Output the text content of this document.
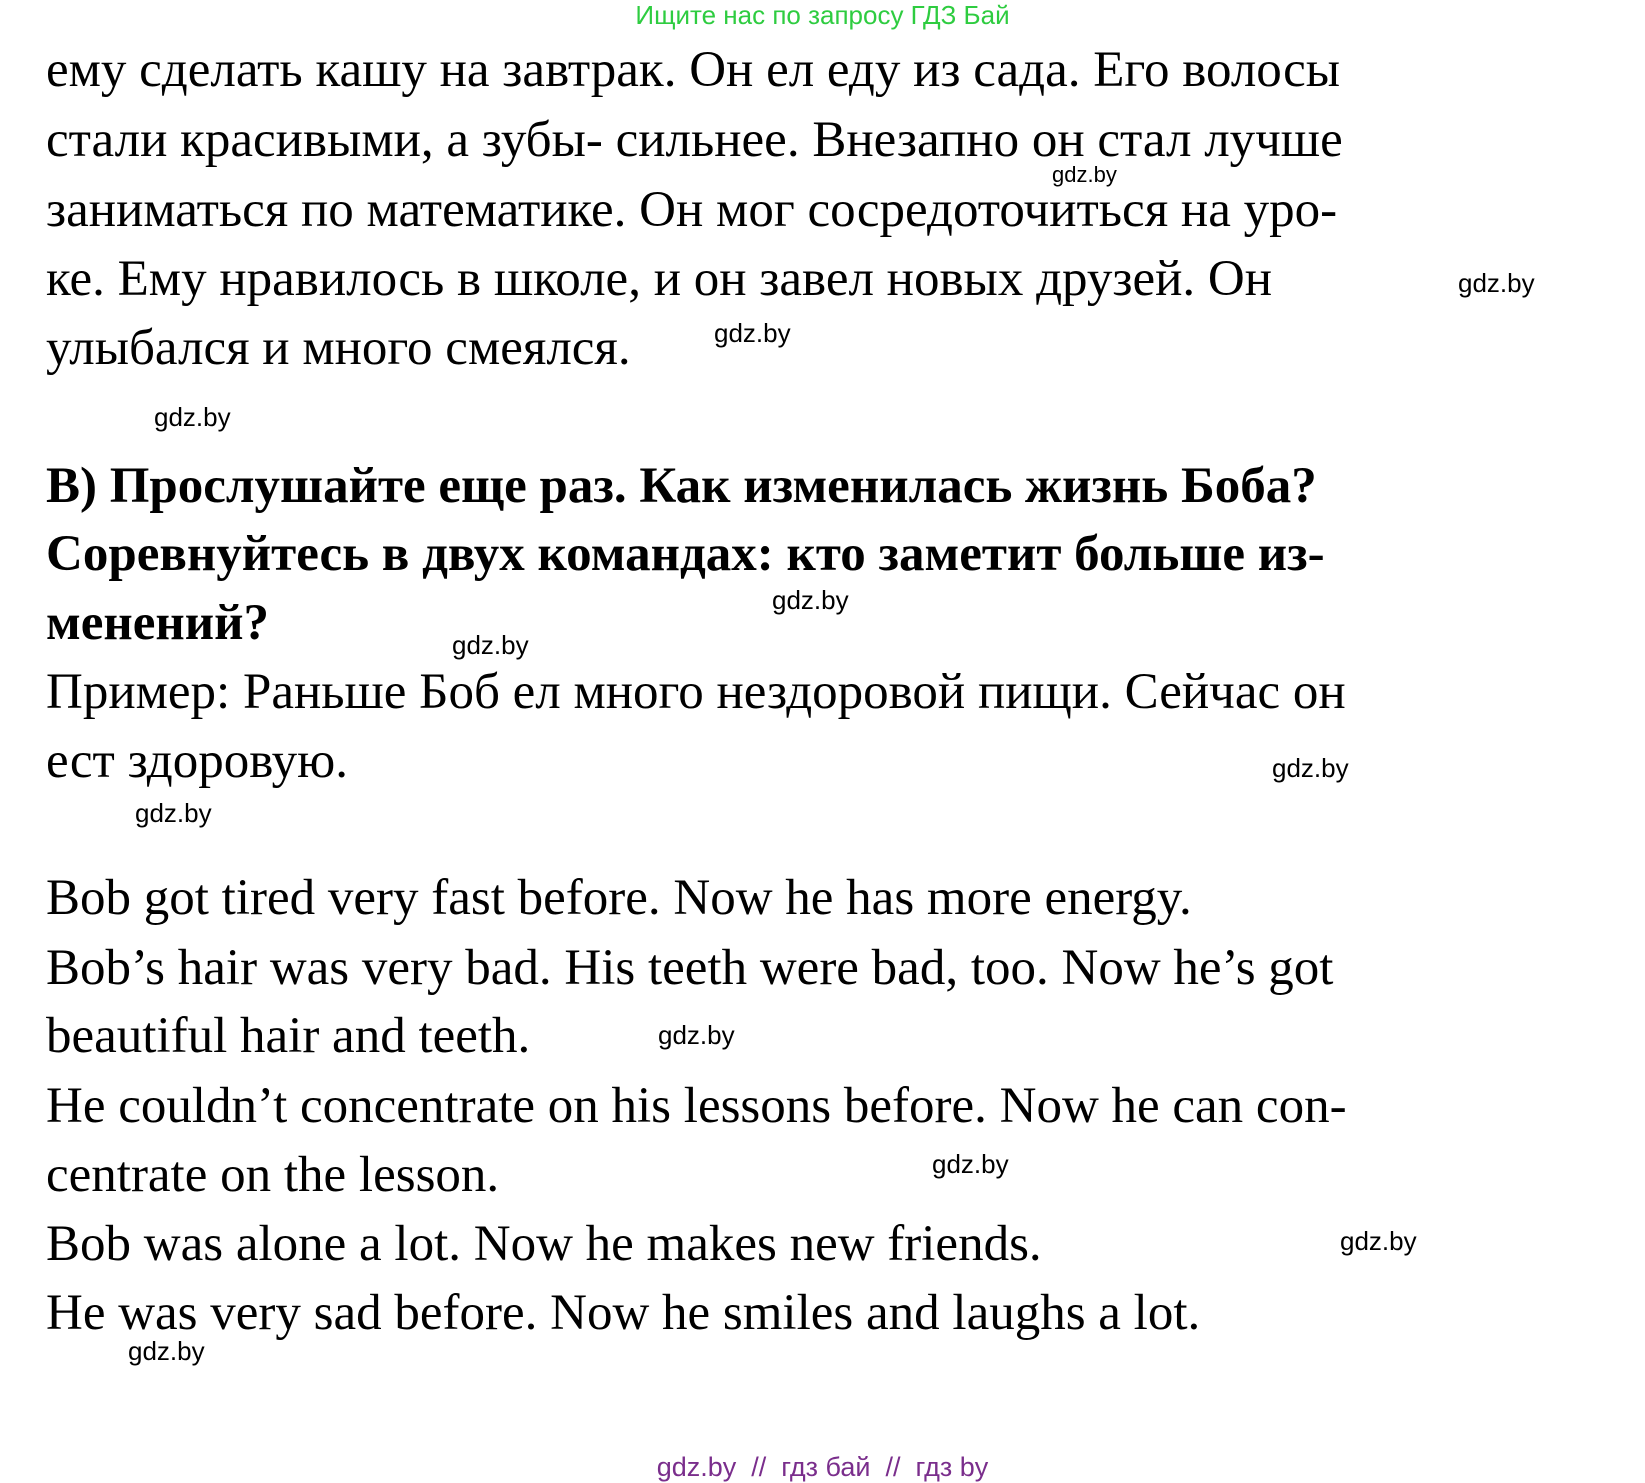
Ищите нас по запросу ГДЗ Бай
ему сделать кашу на завтрак. Он ел еду из сада. Его волосы
стали красивыми, а зубы- сильнее. Внезапно он стал лучше
заниматься по математике. Он мог сосредоточиться на уро-
ке. Ему нравилось в школе, и он завел новых друзей. Он
улыбался и много смеялся.
В) Прослушайте еще раз. Как изменилась жизнь Боба?
Соревнуйтесь в двух командах: кто заметит больше из-
менений?
Пример: Раньше Боб ел много нездоровой пищи. Сейчас он
ест здоровую.
Bob got tired very fast before. Now he has more energy.
Bob’s hair was very bad. His teeth were bad, too. Now he’s got
beautiful hair and teeth.
He couldn’t concentrate on his lessons before. Now he can con-
centrate on the lesson.
Bob was alone a lot. Now he makes new friends.
He was very sad before. Now he smiles and laughs a lot.
gdz.by
gdz.by
gdz.by
gdz.by
gdz.by
gdz.by
gdz.by
gdz.by
gdz.by
gdz.by
gdz.by
gdz.by
gdz.by  //  гдз бай  //  гдз by
